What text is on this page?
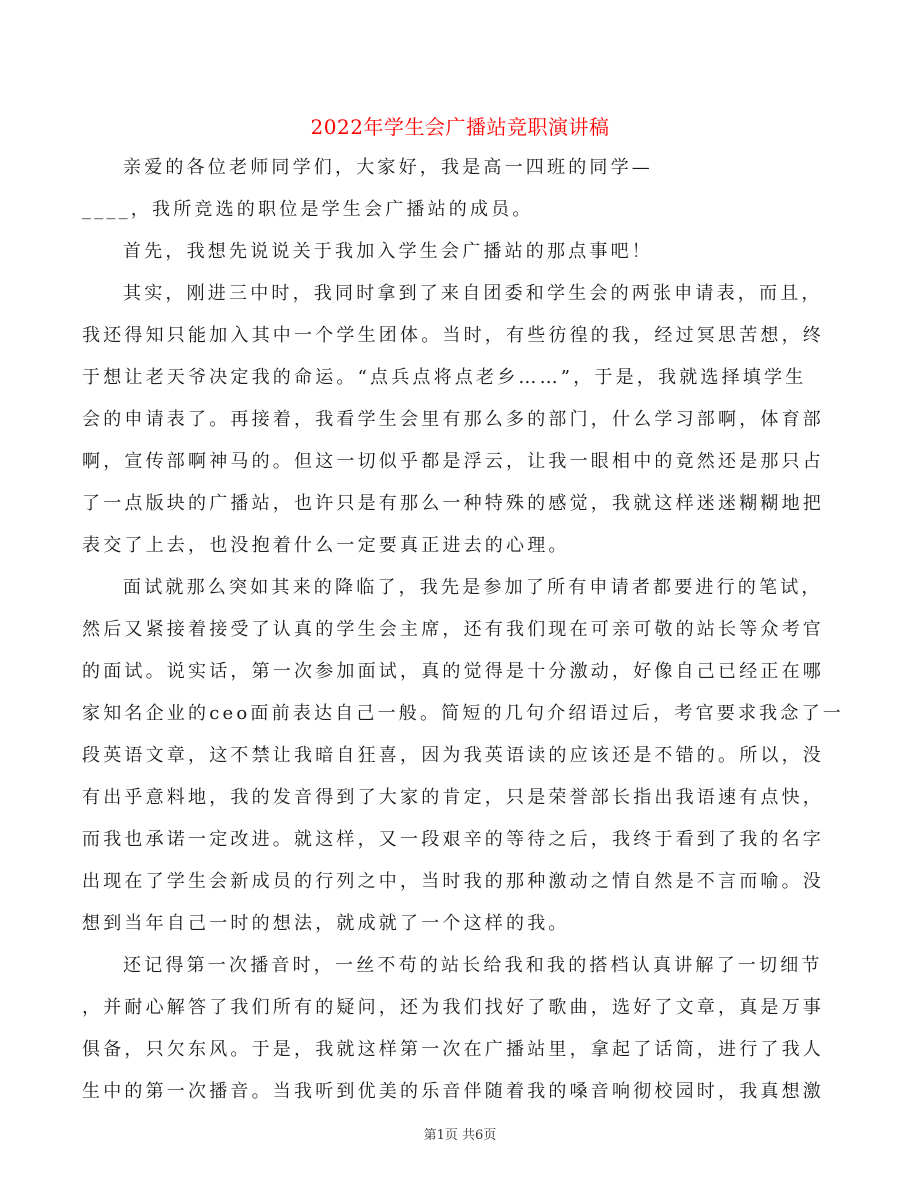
2022年学生会广播站竞职演讲稿
亲爱的各位老师同学们，大家好，我是高一四班的同学—
____，我所竞选的职位是学生会广播站的成员。
首先，我想先说说关于我加入学生会广播站的那点事吧！
其实，刚进三中时，我同时拿到了来自团委和学生会的两张申请表，而且，
我还得知只能加入其中一个学生团体。当时，有些彷徨的我，经过冥思苦想，终
于想让老天爷决定我的命运。“点兵点将点老乡……”，于是，我就选择填学生
会的申请表了。再接着，我看学生会里有那么多的部门，什么学习部啊，体育部
啊，宣传部啊神马的。但这一切似乎都是浮云，让我一眼相中的竟然还是那只占
了一点版块的广播站，也许只是有那么一种特殊的感觉，我就这样迷迷糊糊地把
表交了上去，也没抱着什么一定要真正进去的心理。
面试就那么突如其来的降临了，我先是参加了所有申请者都要进行的笔试，
然后又紧接着接受了认真的学生会主席，还有我们现在可亲可敬的站长等众考官
的面试。说实话，第一次参加面试，真的觉得是十分激动，好像自己已经正在哪
家知名企业的ceo面前表达自己一般。简短的几句介绍语过后，考官要求我念了一
段英语文章，这不禁让我暗自狂喜，因为我英语读的应该还是不错的。所以，没
有出乎意料地，我的发音得到了大家的肯定，只是荣誉部长指出我语速有点快，
而我也承诺一定改进。就这样，又一段艰辛的等待之后，我终于看到了我的名字
出现在了学生会新成员的行列之中，当时我的那种激动之情自然是不言而喻。没
想到当年自己一时的想法，就成就了一个这样的我。
还记得第一次播音时，一丝不苟的站长给我和我的搭档认真讲解了一切细节
，并耐心解答了我们所有的疑问，还为我们找好了歌曲，选好了文章，真是万事
俱备，只欠东风。于是，我就这样第一次在广播站里，拿起了话筒，进行了我人
生中的第一次播音。当我听到优美的乐音伴随着我的嗓音响彻校园时，我真想激
第1页 共6页
